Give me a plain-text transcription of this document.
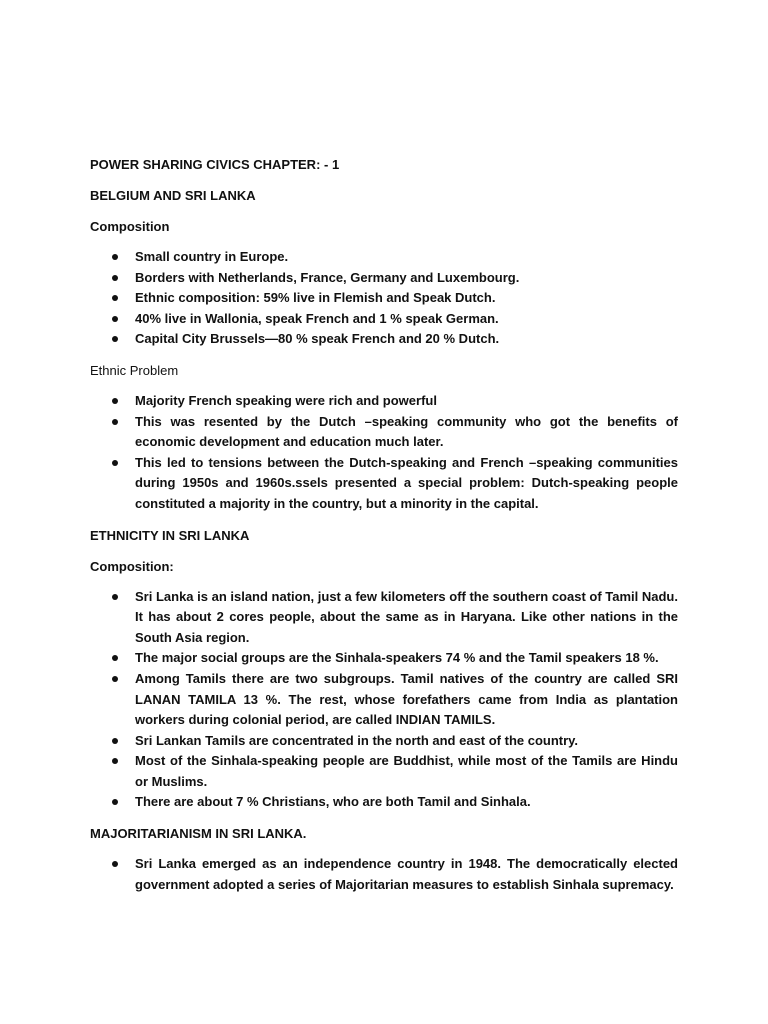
POWER SHARING CIVICS CHAPTER: - 1
BELGIUM AND SRI LANKA
Composition
Small country in Europe.
Borders with Netherlands, France, Germany and Luxembourg.
Ethnic composition: 59% live in Flemish and Speak Dutch.
40% live in Wallonia, speak French and 1 % speak German.
Capital City Brussels—80 % speak French and 20 % Dutch.
Ethnic Problem
Majority French speaking were rich and powerful
This was resented by the Dutch –speaking community who got the benefits of economic development and education much later.
This led to tensions between the Dutch-speaking and French –speaking communities during 1950s and 1960s.ssels presented a special problem: Dutch-speaking people constituted a majority in the country, but a minority in the capital.
ETHNICITY IN SRI LANKA
Composition:
Sri Lanka is an island nation, just a few kilometers off the southern coast of Tamil Nadu. It has about 2 cores people, about the same as in Haryana. Like other nations in the South Asia region.
The major social groups are the Sinhala-speakers 74 % and the Tamil speakers 18 %.
Among Tamils there are two subgroups. Tamil natives of the country are called SRI LANAN TAMILA 13 %. The rest, whose forefathers came from India as plantation workers during colonial period, are called INDIAN TAMILS.
Sri Lankan Tamils are concentrated in the north and east of the country.
Most of the Sinhala-speaking people are Buddhist, while most of the Tamils are Hindu or Muslims.
There are about 7 % Christians, who are both Tamil and Sinhala.
MAJORITARIANISM IN SRI LANKA.
Sri Lanka emerged as an independence country in 1948. The democratically elected government adopted a series of Majoritarian measures to establish Sinhala supremacy.
